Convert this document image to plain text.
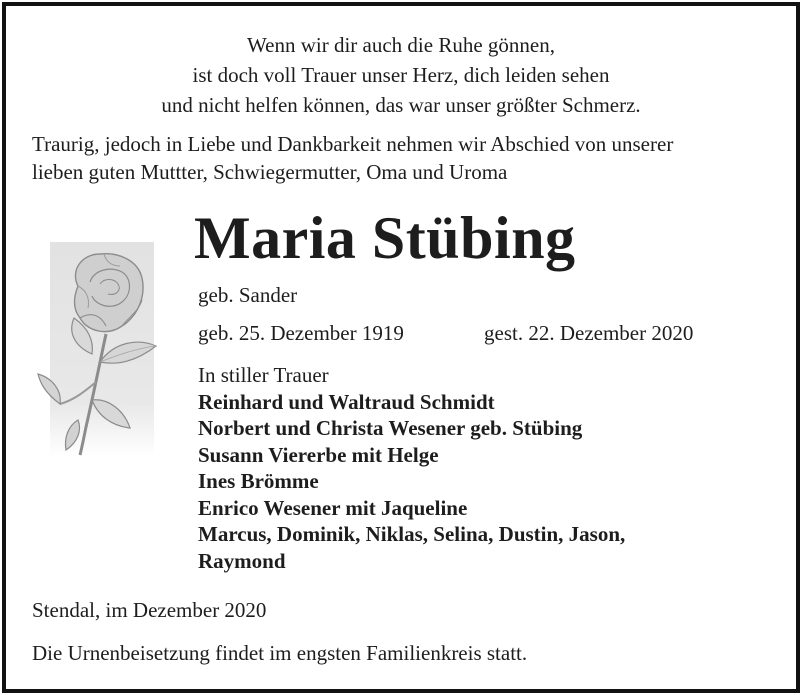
Wenn wir dir auch die Ruhe gönnen,
ist doch voll Trauer unser Herz, dich leiden sehen
und nicht helfen können, das war unser größter Schmerz.
Traurig, jedoch in Liebe und Dankbarkeit nehmen wir Abschied von unserer
lieben guten Muttter, Schwiegermutter, Oma und Uroma
Maria Stübing
geb. Sander
geb. 25. Dezember 1919	gest. 22. Dezember 2020
In stiller Trauer
Reinhard und Waltraud Schmidt
Norbert und Christa Wesener geb. Stübing
Susann Viererbe mit Helge
Ines Brömme
Enrico Wesener mit Jaqueline
Marcus, Dominik, Niklas, Selina, Dustin, Jason,
Raymond
Stendal, im Dezember 2020
Die Urnenbeisetzung findet im engsten Familienkreis statt.
